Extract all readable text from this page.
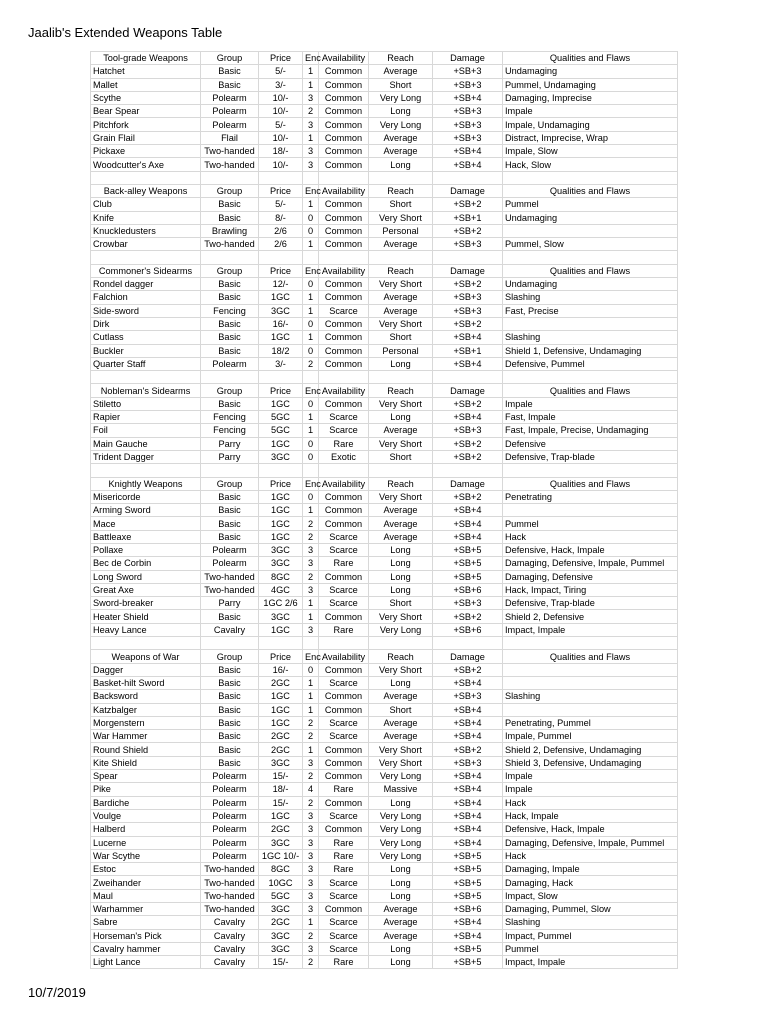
Jaalib's Extended Weapons Table
Tool-grade Weapons	Group	Price	Enc	Availability	Reach	Damage	Qualities and Flaws
Hatchet	Basic	5/-	1	Common	Average	+SB+3	Undamaging
Mallet	Basic	3/-	1	Common	Short	+SB+3	Pummel, Undamaging
Scythe	Polearm	10/-	3	Common	Very Long	+SB+4	Damaging, Imprecise
Bear Spear	Polearm	10/-	2	Common	Long	+SB+3	Impale
Pitchfork	Polearm	5/-	3	Common	Very Long	+SB+3	Impale, Undamaging
Grain Flail	Flail	10/-	1	Common	Average	+SB+3	Distract, Imprecise, Wrap
Pickaxe	Two-handed	18/-	3	Common	Average	+SB+4	Impale, Slow
Woodcutter's Axe	Two-handed	10/-	3	Common	Long	+SB+4	Hack, Slow

Back-alley Weapons	Group	Price	Enc	Availability	Reach	Damage	Qualities and Flaws
Club	Basic	5/-	1	Common	Short	+SB+2	Pummel
Knife	Basic	8/-	0	Common	Very Short	+SB+1	Undamaging
Knuckledusters	Brawling	2/6	0	Common	Personal	+SB+2	
Crowbar	Two-handed	2/6	1	Common	Average	+SB+3	Pummel, Slow

Commoner's Sidearms	Group	Price	Enc	Availability	Reach	Damage	Qualities and Flaws
Rondel dagger	Basic	12/-	0	Common	Very Short	+SB+2	Undamaging
Falchion	Basic	1GC	1	Common	Average	+SB+3	Slashing
Side-sword	Fencing	3GC	1	Scarce	Average	+SB+3	Fast, Precise
Dirk	Basic	16/-	0	Common	Very Short	+SB+2	
Cutlass	Basic	1GC	1	Common	Short	+SB+4	Slashing
Buckler	Basic	18/2	0	Common	Personal	+SB+1	Shield 1, Defensive, Undamaging
Quarter Staff	Polearm	3/-	2	Common	Long	+SB+4	Defensive, Pummel

Nobleman's Sidearms	Group	Price	Enc	Availability	Reach	Damage	Qualities and Flaws
Stiletto	Basic	1GC	0	Common	Very Short	+SB+2	Impale
Rapier	Fencing	5GC	1	Scarce	Long	+SB+4	Fast, Impale
Foil	Fencing	5GC	1	Scarce	Average	+SB+3	Fast, Impale, Precise, Undamaging
Main Gauche	Parry	1GC	0	Rare	Very Short	+SB+2	Defensive
Trident Dagger	Parry	3GC	0	Exotic	Short	+SB+2	Defensive, Trap-blade

Knightly Weapons	Group	Price	Enc	Availability	Reach	Damage	Qualities and Flaws
Misericorde	Basic	1GC	0	Common	Very Short	+SB+2	Penetrating
Arming Sword	Basic	1GC	1	Common	Average	+SB+4	
Mace	Basic	1GC	2	Common	Average	+SB+4	Pummel
Battleaxe	Basic	1GC	2	Scarce	Average	+SB+4	Hack
Pollaxe	Polearm	3GC	3	Scarce	Long	+SB+5	Defensive, Hack, Impale
Bec de Corbin	Polearm	3GC	3	Rare	Long	+SB+5	Damaging, Defensive, Impale, Pummel
Long Sword	Two-handed	8GC	2	Common	Long	+SB+5	Damaging, Defensive
Great Axe	Two-handed	4GC	3	Scarce	Long	+SB+6	Hack, Impact, Tiring
Sword-breaker	Parry	1GC 2/6	1	Scarce	Short	+SB+3	Defensive, Trap-blade
Heater Shield	Basic	3GC	1	Common	Very Short	+SB+2	Shield 2, Defensive
Heavy Lance	Cavalry	1GC	3	Rare	Very Long	+SB+6	Impact, Impale

Weapons of War	Group	Price	Enc	Availability	Reach	Damage	Qualities and Flaws
Dagger	Basic	16/-	0	Common	Very Short	+SB+2	
Basket-hilt Sword	Basic	2GC	1	Scarce	Long	+SB+4	
Backsword	Basic	1GC	1	Common	Average	+SB+3	Slashing
Katzbalger	Basic	1GC	1	Common	Short	+SB+4	
Morgenstern	Basic	1GC	2	Scarce	Average	+SB+4	Penetrating, Pummel
War Hammer	Basic	2GC	2	Scarce	Average	+SB+4	Impale, Pummel
Round Shield	Basic	2GC	1	Common	Very Short	+SB+2	Shield 2, Defensive, Undamaging
Kite Shield	Basic	3GC	3	Common	Very Short	+SB+3	Shield 3, Defensive, Undamaging
Spear	Polearm	15/-	2	Common	Very Long	+SB+4	Impale
Pike	Polearm	18/-	4	Rare	Massive	+SB+4	Impale
Bardiche	Polearm	15/-	2	Common	Long	+SB+4	Hack
Voulge	Polearm	1GC	3	Scarce	Very Long	+SB+4	Hack, Impale
Halberd	Polearm	2GC	3	Common	Very Long	+SB+4	Defensive, Hack, Impale
Lucerne	Polearm	3GC	3	Rare	Very Long	+SB+4	Damaging, Defensive, Impale, Pummel
War Scythe	Polearm	1GC 10/-	3	Rare	Very Long	+SB+5	Hack
Estoc	Two-handed	8GC	3	Rare	Long	+SB+5	Damaging, Impale
Zweihander	Two-handed	10GC	3	Scarce	Long	+SB+5	Damaging, Hack
Maul	Two-handed	5GC	3	Scarce	Long	+SB+5	Impact, Slow
Warhammer	Two-handed	3GC	3	Common	Average	+SB+6	Damaging, Pummel, Slow
Sabre	Cavalry	2GC	1	Scarce	Average	+SB+4	Slashing
Horseman's Pick	Cavalry	3GC	2	Scarce	Average	+SB+4	Impact, Pummel
Cavalry hammer	Cavalry	3GC	3	Scarce	Long	+SB+5	Pummel
Light Lance	Cavalry	15/-	2	Rare	Long	+SB+5	Impact, Impale
10/7/2019
